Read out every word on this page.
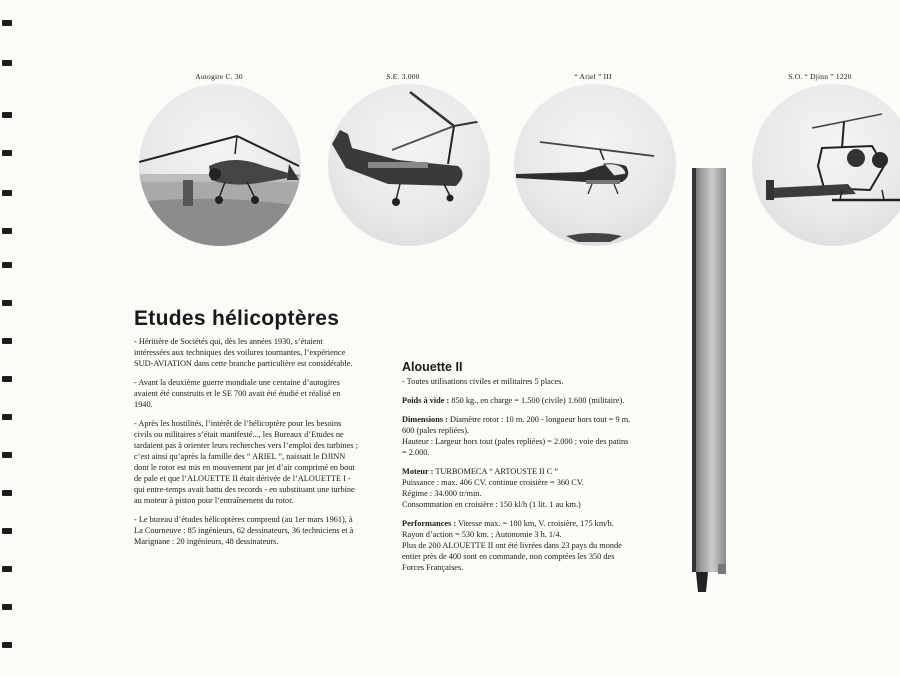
Autogire C. 30	S.E. 3.000	“ Ariel ” III	S.O. “ Djinn ” 1220
Etudes hélicoptères

- Héritière de Sociétés qui, dès les années 1930, s’étaient intéressées aux techniques des voilures tournantes, l’expérience SUD-AVIATION dans cette branche particulière est considérable.

- Avant la deuxième guerre mondiale une centaine d’autogires avaient été construits et le SE 700 avait été étudié et réalisé en 1940.

- Après les hostilités, l’intérêt de l’hélicoptère pour les besoins civils ou militaires s’était manifesté..., les Bureaux d’Etudes ne tardaient pas à orienter leurs recherches vers l’emploi des turbines ; c’est ainsi qu’après la famille des “ ARIEL ”, naissait le DJINN dont le rotor est mis en mouvement par jet d’air comprimé en bout de pale et que l’ALOUETTE II était dérivée de l’ALOUETTE I - qui entre-temps avait battu des records - en substituant une turbine au moteur à piston pour l’entraînement du rotor.

- Le bureau d’études hélicoptères comprend (au 1er mars 1961), à La Courneuve : 85 ingénieurs, 62 dessinateurs, 36 techniciens et à Marignane : 20 ingénieurs, 48 dessinateurs.

Alouette II

- Toutes utilisations civiles et militaires 5 places.

Poids à vide : 850 kg., en charge = 1.500 (civile) 1.600 (militaire).

Dimensions : Diamètre rotor : 10 m. 200 - longueur hors tout = 9 m. 600 (pales repliées).
Hauteur : Largeur hors tout (pales repliées) = 2.000 ; voie des patins = 2.000.

Moteur : TURBOMECA “ ARTOUSTE II C ”
Puissance : max. 406 CV. continue croisière = 360 CV.
Régime : 34.000 tr/min.
Consommation en croisière : 150 kl/h (1 lit. 1 au km.)

Performances : Vitesse max. = 180 km, V. croisière, 175 km/h.
Rayon d’action = 530 km. ; Autonomie 3 h. 1/4.
Plus de 200 ALOUETTE II ont été livrées dans 23 pays du monde entier près de 400 sont en commande, non comptées les 350 des Forces Françaises.
